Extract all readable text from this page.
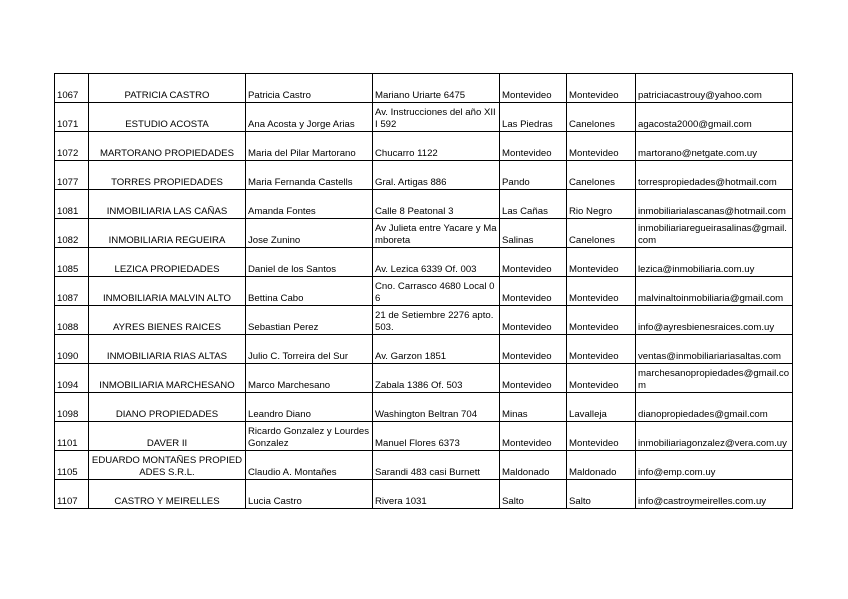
1067	PATRICIA CASTRO	Patricia Castro	Mariano Uriarte 6475	Montevideo	Montevideo	patriciacastrouy@yahoo.com
1071	ESTUDIO ACOSTA	Ana Acosta y Jorge Arias	Av. Instrucciones del año XIII 592	Las Piedras	Canelones	agacosta2000@gmail.com
1072	MARTORANO PROPIEDADES	Maria del Pilar Martorano	Chucarro 1122	Montevideo	Montevideo	martorano@netgate.com.uy
1077	TORRES PROPIEDADES	Maria Fernanda Castells	Gral. Artigas 886	Pando	Canelones	torrespropiedades@hotmail.com
1081	INMOBILIARIA LAS CAÑAS	Amanda Fontes	Calle 8 Peatonal 3	Las Cañas	Rio Negro	inmobiliarialascanas@hotmail.com
1082	INMOBILIARIA REGUEIRA	Jose Zunino	Av Julieta entre Yacare y Mamboreta	Salinas	Canelones	inmobiliariaregueirasalinas@gmail.com
1085	LEZICA PROPIEDADES	Daniel de los Santos	Av. Lezica 6339 Of. 003	Montevideo	Montevideo	lezica@inmobiliaria.com.uy
1087	INMOBILIARIA MALVIN ALTO	Bettina Cabo	Cno. Carrasco 4680 Local 06	Montevideo	Montevideo	malvinaltoinmobiliaria@gmail.com
1088	AYRES BIENES RAICES	Sebastian Perez	21 de Setiembre 2276 apto. 503.	Montevideo	Montevideo	info@ayresbienesraices.com.uy
1090	INMOBILIARIA RIAS ALTAS	Julio C. Torreira del Sur	Av. Garzon 1851	Montevideo	Montevideo	ventas@inmobiliariariasaltas.com
1094	INMOBILIARIA MARCHESANO	Marco Marchesano	Zabala 1386 Of. 503	Montevideo	Montevideo	marchesanopropiedades@gmail.com
1098	DIANO PROPIEDADES	Leandro Diano	Washington Beltran 704	Minas	Lavalleja	dianopropiedades@gmail.com
1101	DAVER II	Ricardo Gonzalez y Lourdes Gonzalez	Manuel Flores 6373	Montevideo	Montevideo	inmobiliariagonzalez@vera.com.uy
1105	EDUARDO MONTAÑES PROPIEDADES S.R.L.	Claudio A. Montañes	Sarandi 483 casi Burnett	Maldonado	Maldonado	info@emp.com.uy
1107	CASTRO Y MEIRELLES	Lucia Castro	Rivera 1031	Salto	Salto	info@castroymeirelles.com.uy
